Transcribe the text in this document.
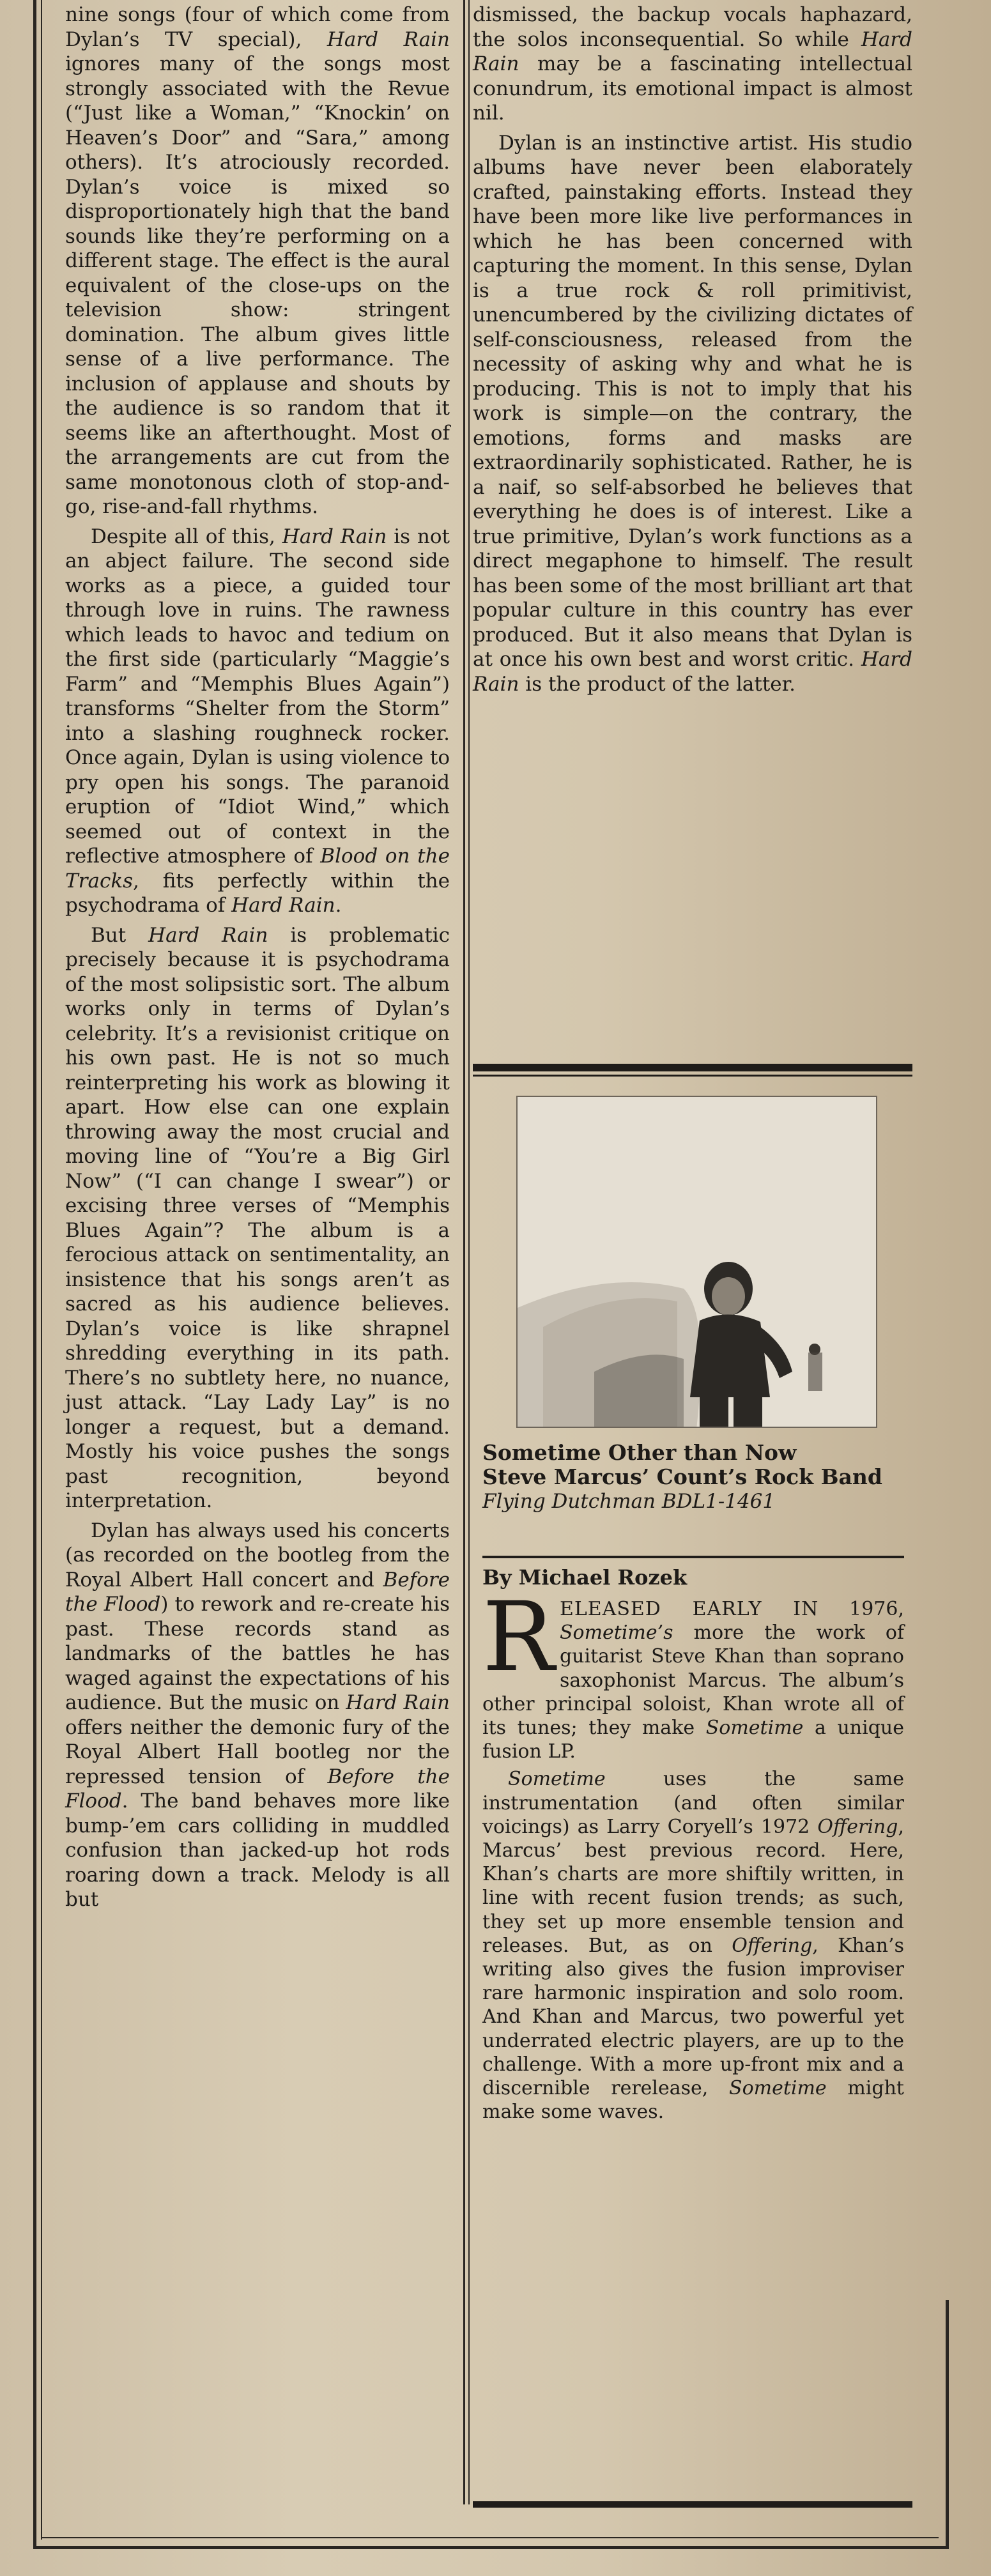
nine songs (four of which come from Dylan’s TV special), Hard Rain ignores many of the songs most strongly associated with the Revue (“Just like a Woman,” “Knockin’ on Heaven’s Door” and “Sara,” among others). It’s atrociously recorded. Dylan’s voice is mixed so disproportionately high that the band sounds like they’re performing on a different stage. The effect is the aural equivalent of the close-ups on the television show: stringent domination. The album gives little sense of a live performance. The inclusion of applause and shouts by the audience is so random that it seems like an afterthought. Most of the arrangements are cut from the same monotonous cloth of stop-and-go, rise-and-fall rhythms.

Despite all of this, Hard Rain is not an abject failure. The second side works as a piece, a guided tour through love in ruins. The rawness which leads to havoc and tedium on the first side (particularly “Maggie’s Farm” and “Memphis Blues Again”) transforms “Shelter from the Storm” into a slashing roughneck rocker. Once again, Dylan is using violence to pry open his songs. The paranoid eruption of “Idiot Wind,” which seemed out of context in the reflective atmosphere of Blood on the Tracks, fits perfectly within the psychodrama of Hard Rain.

But Hard Rain is problematic precisely because it is psychodrama of the most solipsistic sort. The album works only in terms of Dylan’s celebrity. It’s a revisionist critique on his own past. He is not so much reinterpreting his work as blowing it apart. How else can one explain throwing away the most crucial and moving line of “You’re a Big Girl Now” (“I can change I swear”) or excising three verses of “Memphis Blues Again”? The album is a ferocious attack on sentimentality, an insistence that his songs aren’t as sacred as his audience believes. Dylan’s voice is like shrapnel shredding everything in its path. There’s no subtlety here, no nuance, just attack. “Lay Lady Lay” is no longer a request, but a demand. Mostly his voice pushes the songs past recognition, beyond interpretation.

Dylan has always used his concerts (as recorded on the bootleg from the Royal Albert Hall concert and Before the Flood) to rework and re-create his past. These records stand as landmarks of the battles he has waged against the expectations of his audience. But the music on Hard Rain offers neither the demonic fury of the Royal Albert Hall bootleg nor the repressed tension of Before the Flood. The band behaves more like bump-’em cars colliding in muddled confusion than jacked-up hot rods roaring down a track. Melody is all but

dismissed, the backup vocals haphazard, the solos inconsequential. So while Hard Rain may be a fascinating intellectual conundrum, its emotional impact is almost nil.

Dylan is an instinctive artist. His studio albums have never been elaborately crafted, painstaking efforts. Instead they have been more like live performances in which he has been concerned with capturing the moment. In this sense, Dylan is a true rock & roll primitivist, unencumbered by the civilizing dictates of self-consciousness, released from the necessity of asking why and what he is producing. This is not to imply that his work is simple—on the contrary, the emotions, forms and masks are extraordinarily sophisticated. Rather, he is a naif, so self-absorbed he believes that everything he does is of interest. Like a true primitive, Dylan’s work functions as a direct megaphone to himself. The result has been some of the most brilliant art that popular culture in this country has ever produced. But it also means that Dylan is at once his own best and worst critic. Hard Rain is the product of the latter.

Sometime Other than Now
Steve Marcus’ Count’s Rock Band
Flying Dutchman BDL1-1461
By Michael Rozek

RELEASED EARLY IN 1976, Sometime’s more the work of guitarist Steve Khan than soprano saxophonist Marcus. The album’s other principal soloist, Khan wrote all of its tunes; they make Sometime a unique fusion LP.

Sometime uses the same instrumentation (and often similar voicings) as Larry Coryell’s 1972 Offering, Marcus’ best previous record. Here, Khan’s charts are more shiftily written, in line with recent fusion trends; as such, they set up more ensemble tension and releases. But, as on Offering, Khan’s writing also gives the fusion improviser rare harmonic inspiration and solo room. And Khan and Marcus, two powerful yet underrated electric players, are up to the challenge. With a more up-front mix and a discernible rerelease, Sometime might make some waves.
